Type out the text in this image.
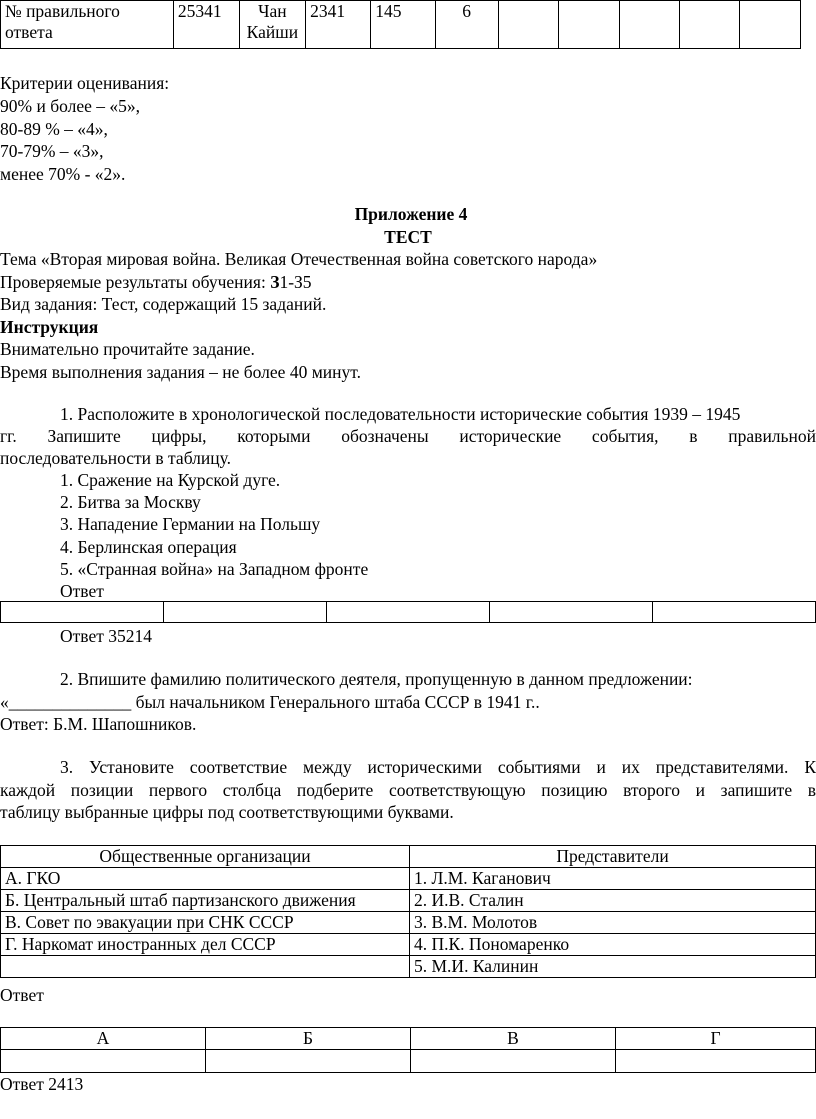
№ правильного ответа	25341	Чан Кайши	2341	145	6					
Критерии оценивания:
90% и более – «5»,
80-89 % – «4»,
70-79% – «3»,
менее 70% - «2».
Приложение 4
ТЕСТ
Тема «Вторая мировая война. Великая Отечественная война советского народа»
Проверяемые результаты обучения: З1-З5
Вид задания: Тест, содержащий 15 заданий.
Инструкция
Внимательно прочитайте задание.
Время выполнения задания – не более 40 минут.
1. Расположите в хронологической последовательности исторические события 1939 – 1945
гг. Запишите цифры, которыми обозначены исторические события, в правильной
последовательности в таблицу.
1. Сражение на Курской дуге.
2. Битва за Москву
3. Нападение Германии на Польшу
4. Берлинская операция
5. «Странная война» на Западном фронте
Ответ

Ответ 35214
2. Впишите фамилию политического деятеля, пропущенную в данном предложении:
«______________ был начальником Генерального штаба СССР в 1941 г..
Ответ: Б.М. Шапошников.
3. Установите соответствие между историческими событиями и их представителями. К
каждой позиции первого столбца подберите соответствующую позицию второго и запишите в
таблицу выбранные цифры под соответствующими буквами.
Общественные организации	Представители
А. ГКО	1. Л.М. Каганович
Б. Центральный штаб партизанского движения	2. И.В. Сталин
В. Совет по эвакуации при СНК СССР	3. В.М. Молотов
Г. Наркомат иностранных дел СССР	4. П.К. Пономаренко
	5. М.И. Калинин
Ответ
А	Б	В	Г

Ответ 2413
